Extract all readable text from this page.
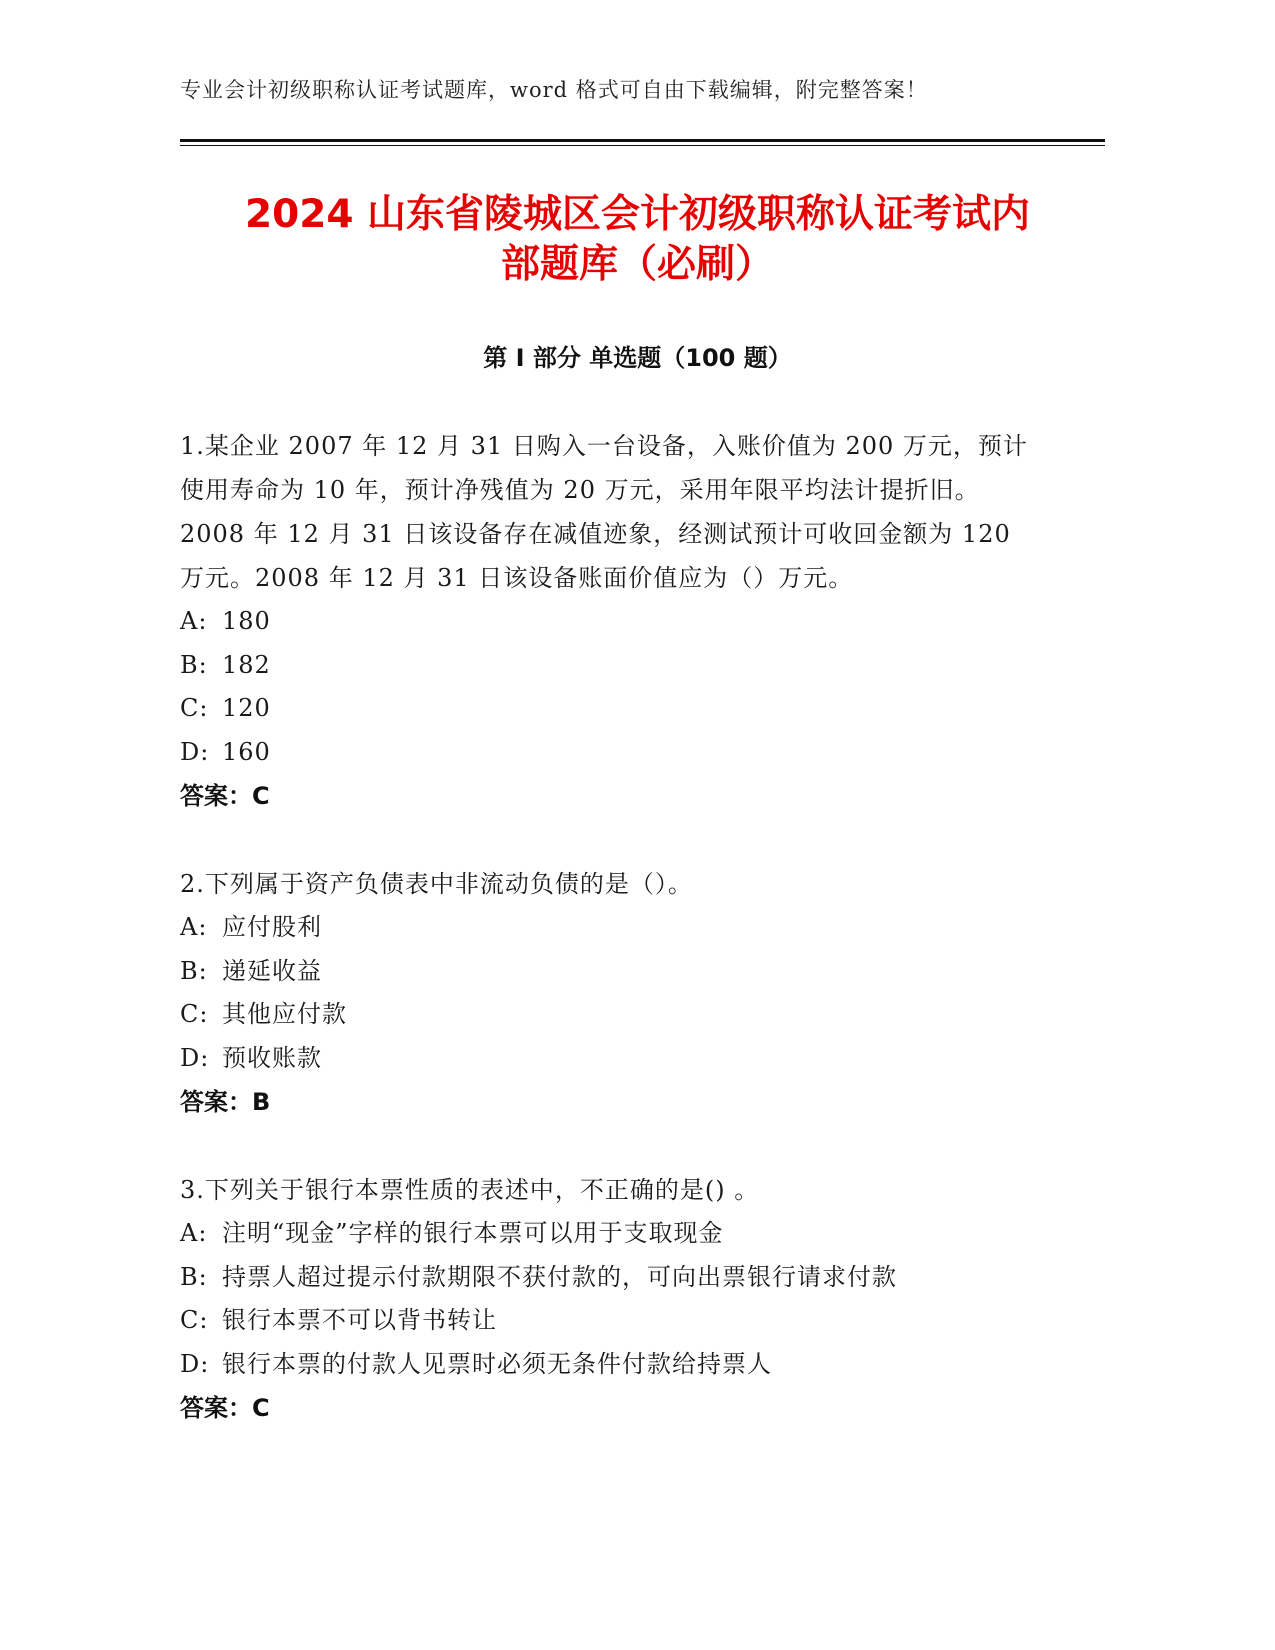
专业会计初级职称认证考试题库，word 格式可自由下载编辑，附完整答案！
2024 山东省陵城区会计初级职称认证考试内
部题库（必刷）
第 I 部分 单选题（100 题）

1.某企业 2007 年 12 月 31 日购入一台设备，入账价值为 200 万元，预计使用寿命为 10 年，预计净残值为 20 万元，采用年限平均法计提折旧。2008 年 12 月 31 日该设备存在减值迹象，经测试预计可收回金额为 120 万元。2008 年 12 月 31 日该设备账面价值应为（）万元。

A: 180
B: 182
C: 120
D: 160
答案：C

2.下列属于资产负债表中非流动负债的是（）。

A: 应付股利
B: 递延收益
C: 其他应付款
D: 预收账款
答案：B

3.下列关于银行本票性质的表述中，不正确的是() 。

A: 注明“现金”字样的银行本票可以用于支取现金
B: 持票人超过提示付款期限不获付款的，可向出票银行请求付款
C: 银行本票不可以背书转让
D: 银行本票的付款人见票时必须无条件付款给持票人
答案：C
